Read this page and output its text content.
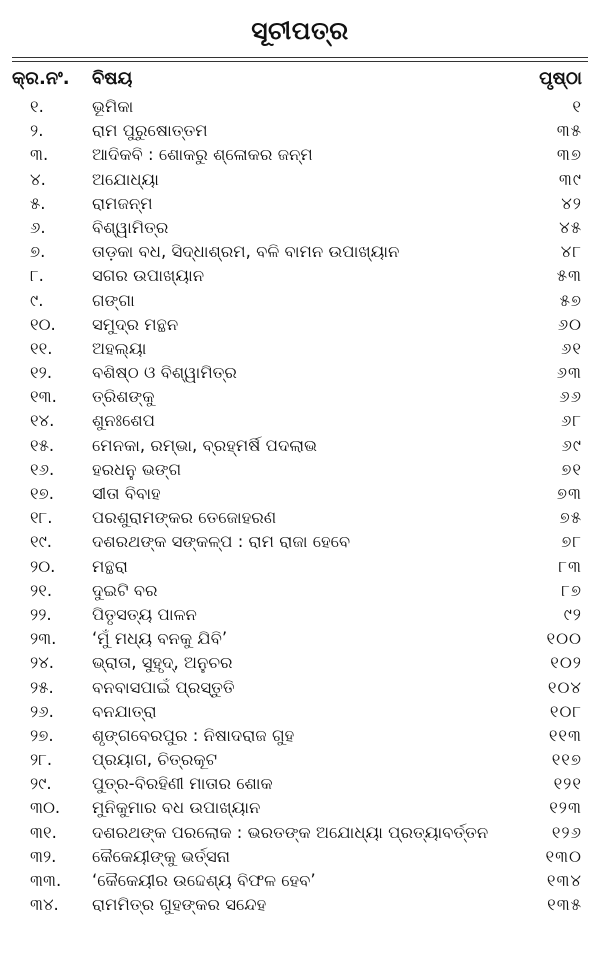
ସୂଚୀପତ୍ର
କ୍ର.ନଂ. ବିଷୟ	ପୃଷ୍ଠା
୧.	ଭୂମିକା	୧
୨.	ରାମ ପୁରୁଷୋତ୍ତମ	୩୫
୩.	ଆଦିକବି : ଶୋକରୁ ଶ୍ଳୋକର ଜନ୍ମ	୩୭
୪.	ଅଯୋଧ୍ୟା	୩୯
୫.	ରାମଜନ୍ମ	୪୨
୬.	ବିଶ୍ୱାମିତ୍ର	୪୫
୭.	ତାଡ଼କା ବଧ, ସିଦ୍ଧାଶ୍ରମ, ବଳି ବାମନ ଉପାଖ୍ୟାନ	୪୮
୮.	ସଗର ଉପାଖ୍ୟାନ	୫୩
୯.	ଗଙ୍ଗା	୫୭
୧୦. ସମୁଦ୍ର ମନ୍ଥନ	୬୦
୧୧. ଅହଲ୍ୟା	୬୧
୧୨. ବଶିଷ୍ଠ ଓ ବିଶ୍ୱାମିତ୍ର	୬୩
୧୩. ତ୍ରିଶଙ୍କୁ	୬୬
୧୪. ଶୁନଃଶେପ	୬୮
୧୫. ମେନକା, ରମ୍ଭା, ବ୍ରହ୍ମର୍ଷି ପଦଲାଭ	୬୯
୧୬. ହରଧନୁ ଭଙ୍ଗ	୭୧
୧୭. ସୀତା ବିବାହ	୭୩
୧୮. ପରଶୁରାମଙ୍କର ତେଜୋହରଣ	୭୫
୧୯. ଦଶରଥଙ୍କ ସଙ୍କଳ୍ପ : ରାମ ରାଜା ହେବେ	୭୮
୨୦. ମନ୍ଥରା	୮୩
୨୧. ଦୁଇଟି ବର	୮୭
୨୨. ପିତୃସତ୍ୟ ପାଳନ	୯୨
୨୩. ‘ମୁଁ ମଧ୍ୟ ବନକୁ ଯିବି’	୧୦୦
୨୪. ଭ୍ରାତା, ସୁହୃଦ୍, ଅନୁଚର	୧୦୨
୨୫. ବନବାସପାଇଁ ପ୍ରସ୍ତୁତି	୧୦୪
୨୬. ବନଯାତ୍ରା	୧୦୮
୨୭. ଶୃଙ୍ଗବେରପୁର : ନିଷାଦରାଜ ଗୁହ	୧୧୩
୨୮. ପ୍ରୟାଗ, ଚିତ୍ରକୂଟ	୧୧୭
୨୯. ପୁତ୍ର-ବିରହିଣୀ ମାତାର ଶୋକ	୧୨୧
୩୦. ମୁନିକୁମାର ବଧ ଉପାଖ୍ୟାନ	୧୨୩
୩୧. ଦଶରଥଙ୍କ ପରଲୋକ : ଭରତଙ୍କ ଅଯୋଧ୍ୟା ପ୍ରତ୍ୟାବର୍ତ୍ତନ	୧୨୬
୩୨. କୈକେୟୀଙ୍କୁ ଭର୍ତ୍ସନା	୧୩୦
୩୩. ‘କୈକେୟୀର ଉଦ୍ଦେଶ୍ୟ ବିଫଳ ହେବ’	୧୩୪
୩୪. ରାମମିତ୍ର ଗୁହଙ୍କର ସନ୍ଦେହ	୧୩୫
